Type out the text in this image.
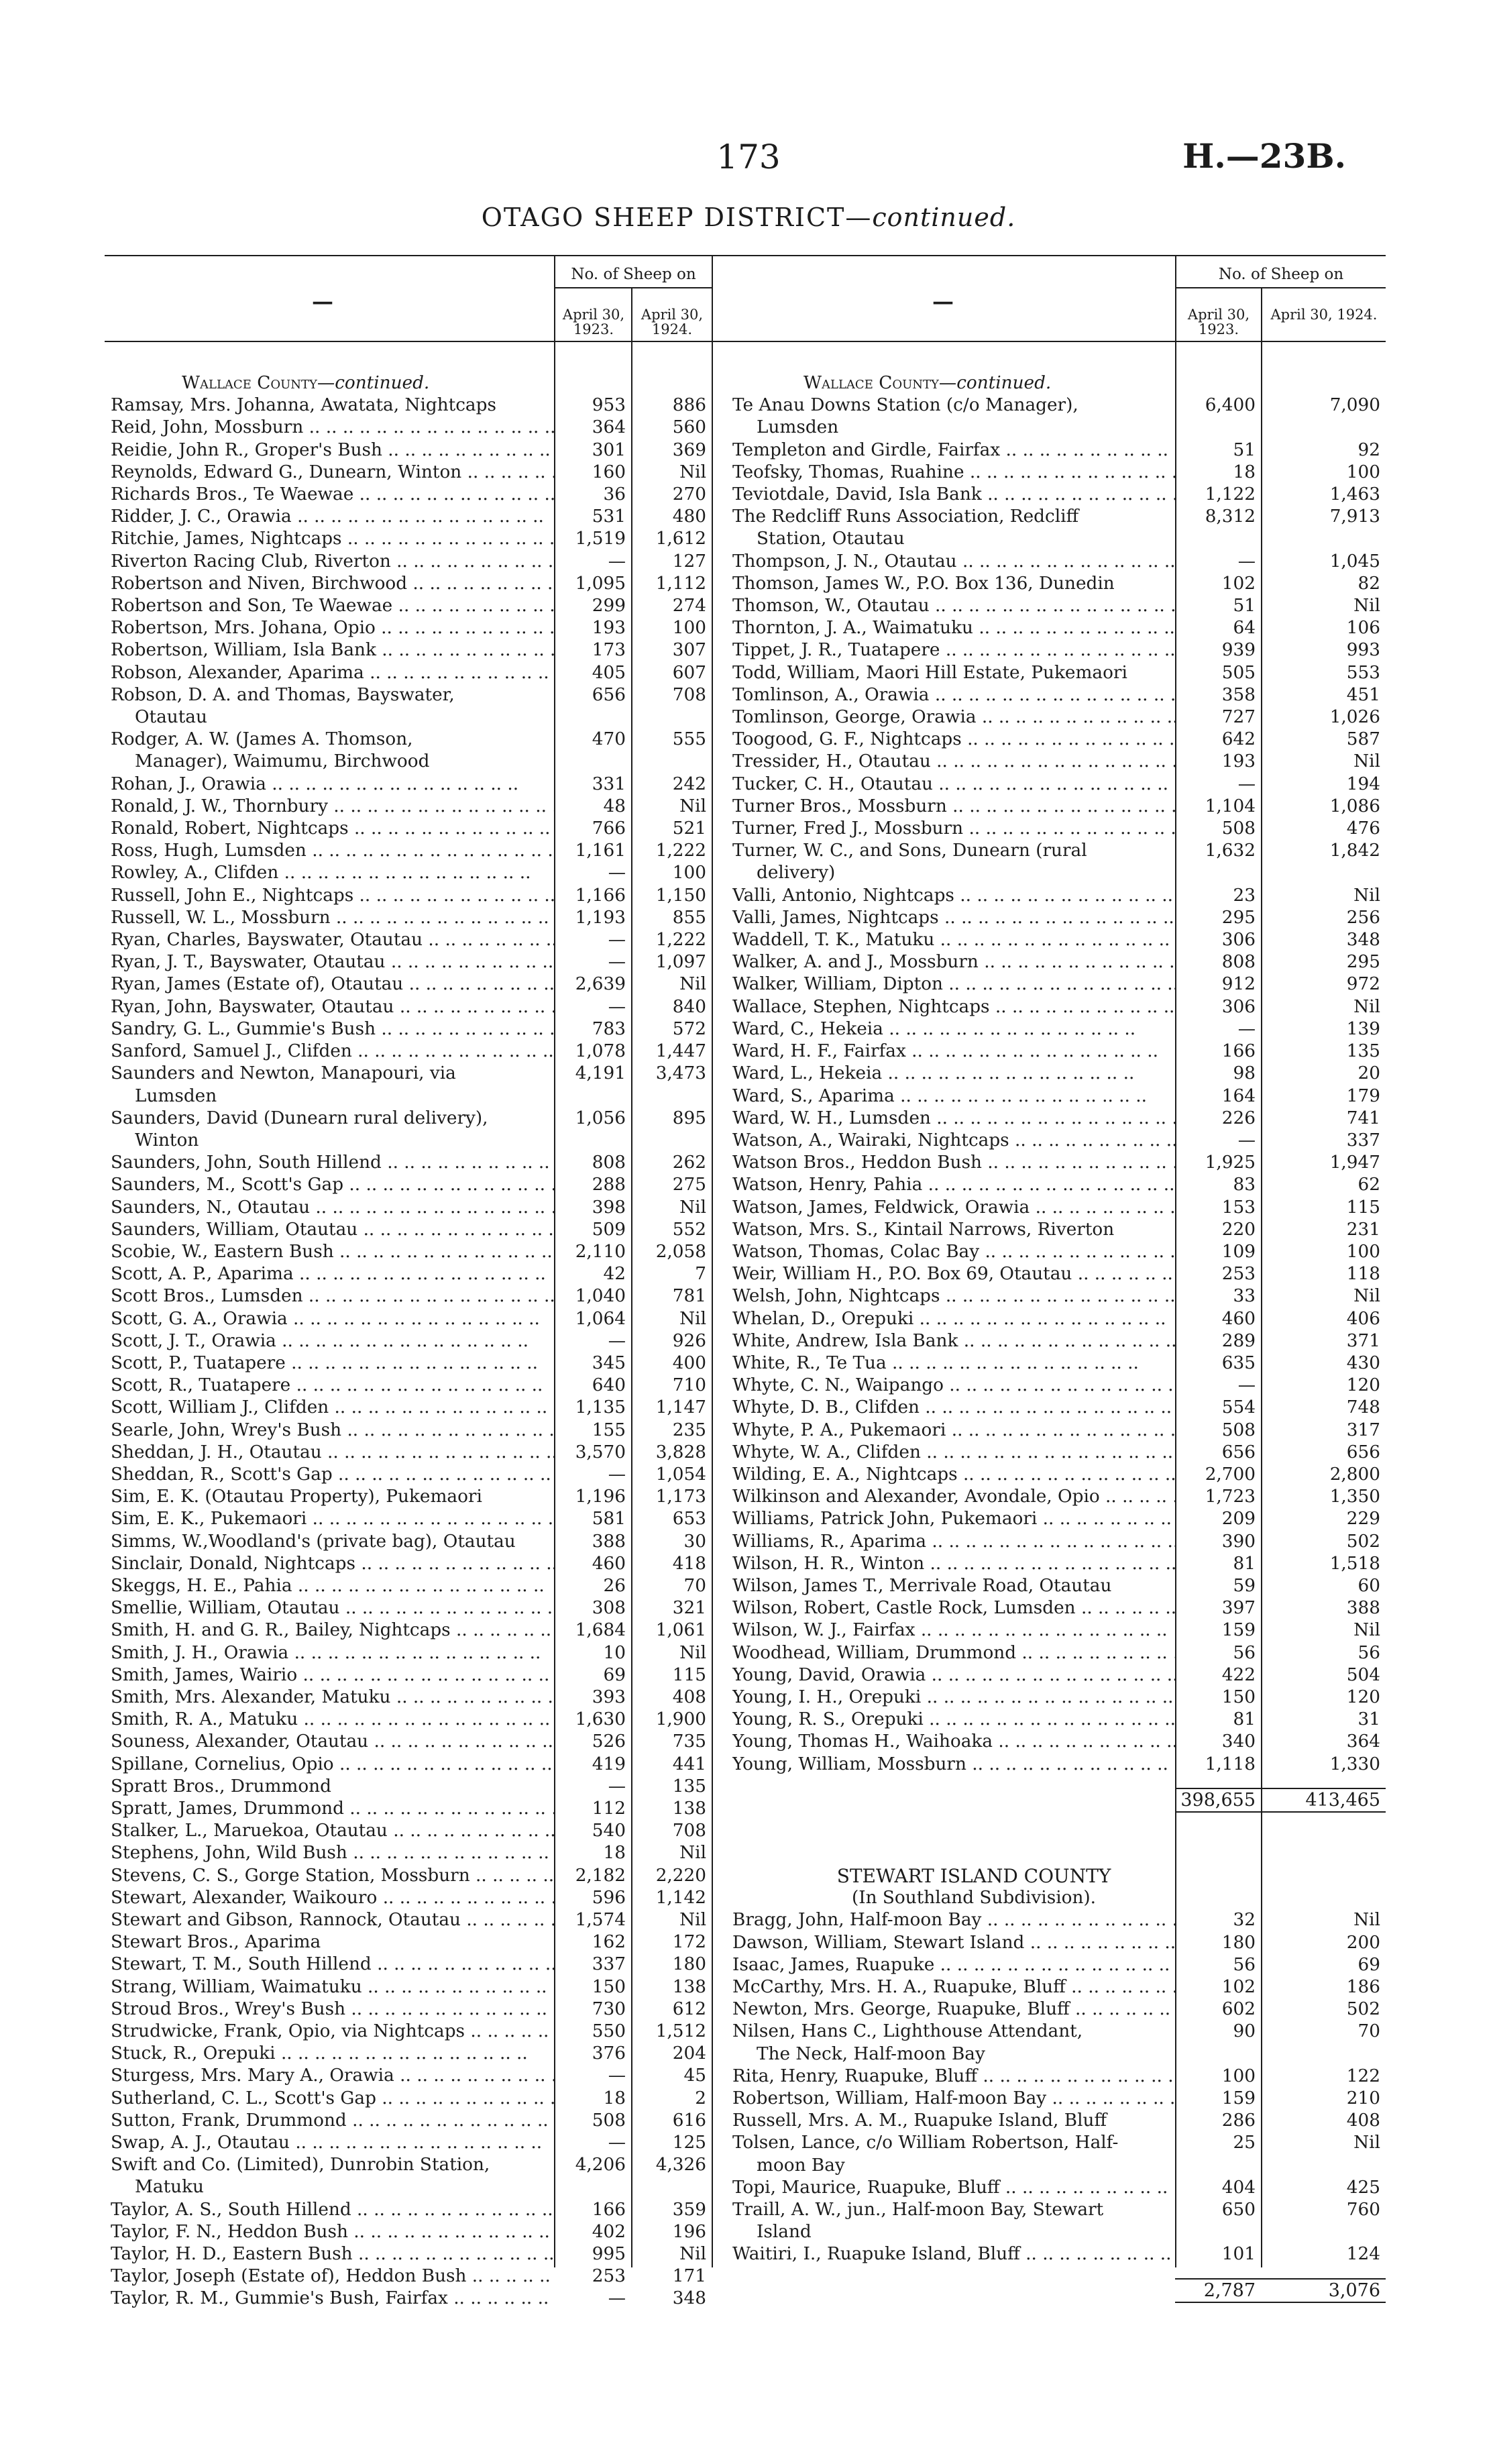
173	H.—23B.
OTAGO SHEEP DISTRICT—continued.
—	—
No. of Sheep on	No. of Sheep on
April 30, 1923.
April 30, 1924.
April 30, 1923.
April 30, 1924.
Wallace County— continued.
Ramsay, Mrs. Johanna, Awatata, Nightcaps	953	886
Reid, John, Mossburn .. .	364	560
Reidie, John R., Groper's Bush .. .	301	369
Reynolds, Edward G., Dunearn, Winton .. .	160	Nil
Richards Bros., Te Waewae .. .	36	270
Ridder, J. C., Orawia .. .	531	480
Ritchie, James, Nightcaps .. .	1,519	1,612
Riverton Racing Club, Riverton .. .	—	127
Robertson and Niven, Birchwood .. .	1,095	1,112
Robertson and Son, Te Waewae .. .	299	274
Robertson, Mrs. Johana, Opio .. .	193	100
Robertson, William, Isla Bank .. .	173	307
Robson, Alexander, Aparima .. .	405	607
Robson, D. A. and Thomas, Bayswater,	656	708
Otautau
Rodger, A. W. (James A. Thomson,	470	555
Manager), Waimumu, Birchwood
Rohan, J., Orawia .. .	331	242
Ronald, J. W., Thornbury .. .	48	Nil
Ronald, Robert, Nightcaps .. .	766	521
Ross, Hugh, Lumsden .. .	1,161	1,222
Rowley, A., Clifden .. .	—	100
Russell, John E., Nightcaps .. .	1,166	1,150
Russell, W. L., Mossburn .. .	1,193	855
Ryan, Charles, Bayswater, Otautau .. .	—	1,222
Ryan, J. T., Bayswater, Otautau .. .	—	1,097
Ryan, James (Estate of), Otautau .. .	2,639	Nil
Ryan, John, Bayswater, Otautau .. .	—	840
Sandry, G. L., Gummie's Bush .. .	783	572
Sanford, Samuel J., Clifden .. .	1,078	1,447
Saunders and Newton, Manapouri, via	4,191	3,473
Lumsden
Saunders, David (Dunearn rural delivery),	1,056	895
Winton
Saunders, John, South Hillend .. .	808	262
Saunders, M., Scott's Gap .. .	288	275
Saunders, N., Otautau .. .	398	Nil
Saunders, William, Otautau .. .	509	552
Scobie, W., Eastern Bush .. .	2,110	2,058
Scott, A. P., Aparima .. .	42	7
Scott Bros., Lumsden .. .	1,040	781
Scott, G. A., Orawia .. .	1,064	Nil
Scott, J. T., Orawia .. .	—	926
Scott, P., Tuatapere .. .	345	400
Scott, R., Tuatapere .. .	640	710
Scott, William J., Clifden .. .	1,135	1,147
Searle, John, Wrey's Bush .. .	155	235
Sheddan, J. H., Otautau .. .	3,570	3,828
Sheddan, R., Scott's Gap .. .	—	1,054
Sim, E. K. (Otautau Property), Pukemaori	1,196	1,173
Sim, E. K., Pukemaori .. .	581	653
Simms, W.,Woodland's (private bag), Otautau	388	30
Sinclair, Donald, Nightcaps .. .	460	418
Skeggs, H. E., Pahia .. .	26	70
Smellie, William, Otautau .. .	308	321
Smith, H. and G. R., Bailey, Nightcaps .. .	1,684	1,061
Smith, J. H., Orawia .. .	10	Nil
Smith, James, Wairio .. .	69	115
Smith, Mrs. Alexander, Matuku .. .	393	408
Smith, R. A., Matuku .. .	1,630	1,900
Souness, Alexander, Otautau .. .	526	735
Spillane, Cornelius, Opio .. .	419	441
Spratt Bros., Drummond	—	135
Spratt, James, Drummond .. .	112	138
Stalker, L., Maruekoa, Otautau .. .	540	708
Stephens, John, Wild Bush .. .	18	Nil
Stevens, C. S., Gorge Station, Mossburn .. .	2,182	2,220
Stewart, Alexander, Waikouro .. .	596	1,142
Stewart and Gibson, Rannock, Otautau .. .	1,574	Nil
Stewart Bros., Aparima	162	172
Stewart, T. M., South Hillend .. .	337	180
Strang, William, Waimatuku .. .	150	138
Stroud Bros., Wrey's Bush .. .	730	612
Strudwicke, Frank, Opio, via Nightcaps .. .	550	1,512
Stuck, R., Orepuki .. .	376	204
Sturgess, Mrs. Mary A., Orawia .. .	—	45
Sutherland, C. L., Scott's Gap .. .	18	2
Sutton, Frank, Drummond .. .	508	616
Swap, A. J., Otautau .. .	—	125
Swift and Co. (Limited), Dunrobin Station,	4,206	4,326
Matuku
Taylor, A. S., South Hillend .. .	166	359
Taylor, F. N., Heddon Bush .. .	402	196
Taylor, H. D., Eastern Bush .. .	995	Nil
Taylor, Joseph (Estate of), Heddon Bush .. .	253	171
Taylor, R. M., Gummie's Bush, Fairfax .. .	—	348
Wallace County— continued.
Te Anau Downs Station (c/o Manager),	6,400	7,090
Lumsden
Templeton and Girdle, Fairfax .. .	51	92
Teofsky, Thomas, Ruahine .. .	18	100
Teviotdale, David, Isla Bank .. .	1,122	1,463
The Redcliff Runs Association, Redcliff	8,312	7,913
Station, Otautau
Thompson, J. N., Otautau .. .	—	1,045
Thomson, James W., P.O. Box 136, Dunedin	102	82
Thomson, W., Otautau .. .	51	Nil
Thornton, J. A., Waimatuku .. .	64	106
Tippet, J. R., Tuatapere .. .	939	993
Todd, William, Maori Hill Estate, Pukemaori	505	553
Tomlinson, A., Orawia .. .	358	451
Tomlinson, George, Orawia .. .	727	1,026
Toogood, G. F., Nightcaps .. .	642	587
Tressider, H., Otautau .. .	193	Nil
Tucker, C. H., Otautau .. .	—	194
Turner Bros., Mossburn .. .	1,104	1,086
Turner, Fred J., Mossburn .. .	508	476
Turner, W. C., and Sons, Dunearn (rural	1,632	1,842
delivery)
Valli, Antonio, Nightcaps .. .	23	Nil
Valli, James, Nightcaps .. .	295	256
Waddell, T. K., Matuku .. .	306	348
Walker, A. and J., Mossburn .. .	808	295
Walker, William, Dipton .. .	912	972
Wallace, Stephen, Nightcaps .. .	306	Nil
Ward, C., Hekeia .. .	—	139
Ward, H. F., Fairfax .. .	166	135
Ward, L., Hekeia .. .	98	20
Ward, S., Aparima .. .	164	179
Ward, W. H., Lumsden .. .	226	741
Watson, A., Wairaki, Nightcaps .. .	—	337
Watson Bros., Heddon Bush .. .	1,925	1,947
Watson, Henry, Pahia .. .	83	62
Watson, James, Feldwick, Orawia .. .	153	115
Watson, Mrs. S., Kintail Narrows, Riverton	220	231
Watson, Thomas, Colac Bay .. .	109	100
Weir, William H., P.O. Box 69, Otautau .. .	253	118
Welsh, John, Nightcaps .. .	33	Nil
Whelan, D., Orepuki .. .	460	406
White, Andrew, Isla Bank .. .	289	371
White, R., Te Tua .. .	635	430
Whyte, C. N., Waipango .. .	—	120
Whyte, D. B., Clifden .. .	554	748
Whyte, P. A., Pukemaori .. .	508	317
Whyte, W. A., Clifden .. .	656	656
Wilding, E. A., Nightcaps .. .	2,700	2,800
Wilkinson and Alexander, Avondale, Opio .. .	1,723	1,350
Williams, Patrick John, Pukemaori .. .	209	229
Williams, R., Aparima .. .	390	502
Wilson, H. R., Winton .. .	81	1,518
Wilson, James T., Merrivale Road, Otautau	59	60
Wilson, Robert, Castle Rock, Lumsden .. .	397	388
Wilson, W. J., Fairfax .. .	159	Nil
Woodhead, William, Drummond .. .	56	56
Young, David, Orawia .. .	422	504
Young, I. H., Orepuki .. .	150	120
Young, R. S., Orepuki .. .	81	31
Young, Thomas H., Waihoaka .. .	340	364
Young, William, Mossburn .. .	1,118	1,330
398,655	413,465
STEWART ISLAND COUNTY
(In Southland Subdivision).
Bragg, John, Half-moon Bay .. .	32	Nil
Dawson, William, Stewart Island .. .	180	200
Isaac, James, Ruapuke .. .	56	69
McCarthy, Mrs. H. A., Ruapuke, Bluff .. .	102	186
Newton, Mrs. George, Ruapuke, Bluff .. .	602	502
Nilsen, Hans C., Lighthouse Attendant,	90	70
The Neck, Half-moon Bay
Rita, Henry, Ruapuke, Bluff .. .	100	122
Robertson, William, Half-moon Bay .. .	159	210
Russell, Mrs. A. M., Ruapuke Island, Bluff	286	408
Tolsen, Lance, c/o William Robertson, Half-	25	Nil
moon Bay
Topi, Maurice, Ruapuke, Bluff .. .	404	425
Traill, A. W., jun., Half-moon Bay, Stewart	650	760
Island
Waitiri, I., Ruapuke Island, Bluff .. .	101	124
2,787	3,076
